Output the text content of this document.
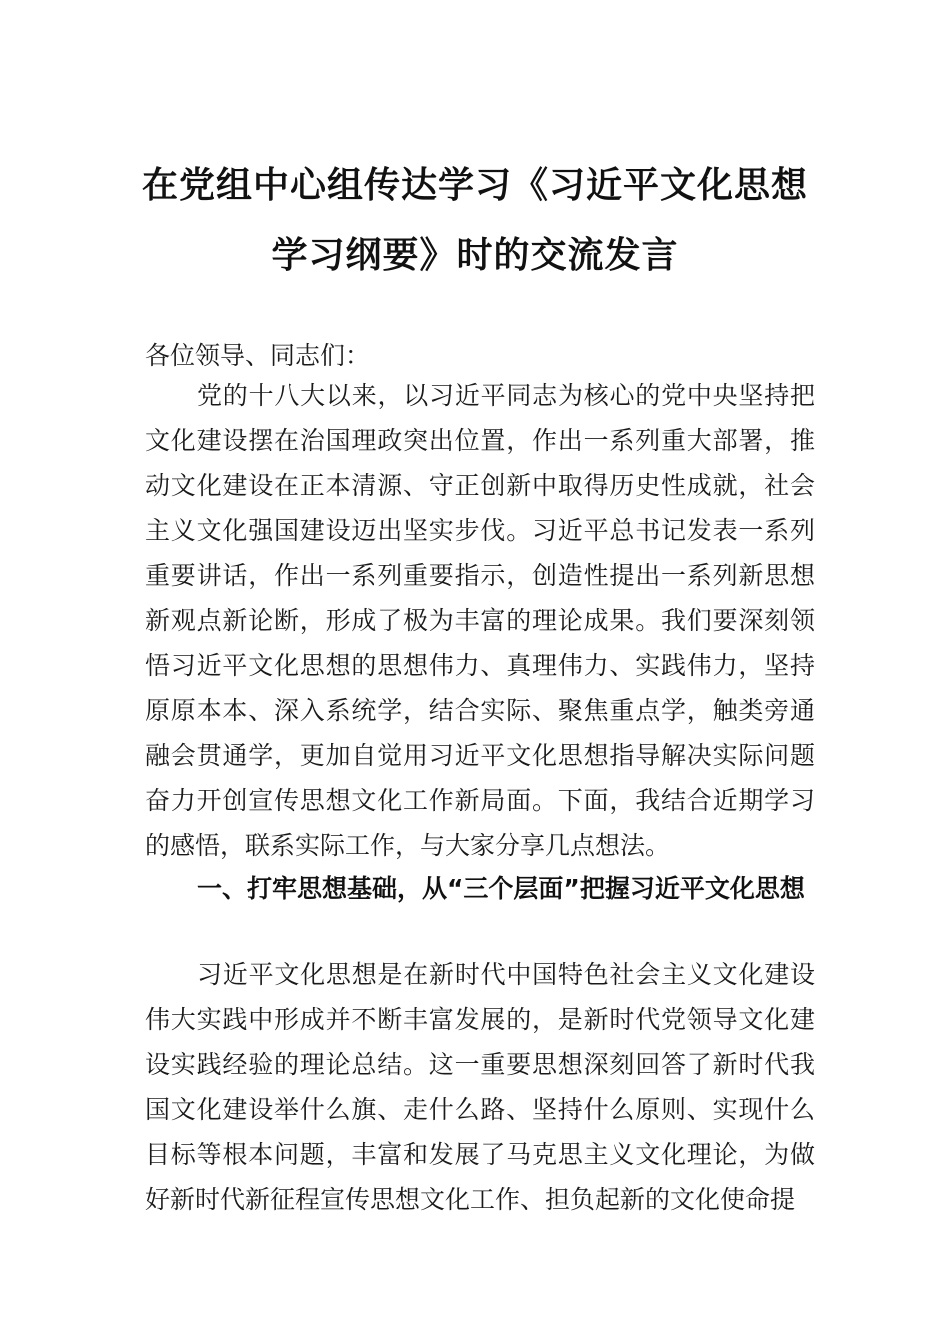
在党组中心组传达学习《习近平文化思想
学习纲要》时的交流发言
各位领导、同志们：
党的十八大以来，以习近平同志为核心的党中央坚持把文化建设摆在治国理政突出位置，作出一系列重大部署，推动文化建设在正本清源、守正创新中取得历史性成就，社会主义文化强国建设迈出坚实步伐。习近平总书记发表一系列重要讲话，作出一系列重要指示，创造性提出一系列新思想新观点新论断，形成了极为丰富的理论成果。我们要深刻领悟习近平文化思想的思想伟力、真理伟力、实践伟力，坚持原原本本、深入系统学，结合实际、聚焦重点学，触类旁通融会贯通学，更加自觉用习近平文化思想指导解决实际问题奋力开创宣传思想文化工作新局面。下面，我结合近期学习的感悟，联系实际工作，与大家分享几点想法。
一、打牢思想基础，从“三个层面”把握习近平文化思想
习近平文化思想是在新时代中国特色社会主义文化建设伟大实践中形成并不断丰富发展的，是新时代党领导文化建设实践经验的理论总结。这一重要思想深刻回答了新时代我国文化建设举什么旗、走什么路、坚持什么原则、实现什么目标等根本问题，丰富和发展了马克思主义文化理论，为做好新时代新征程宣传思想文化工作、担负起新的文化使命提
